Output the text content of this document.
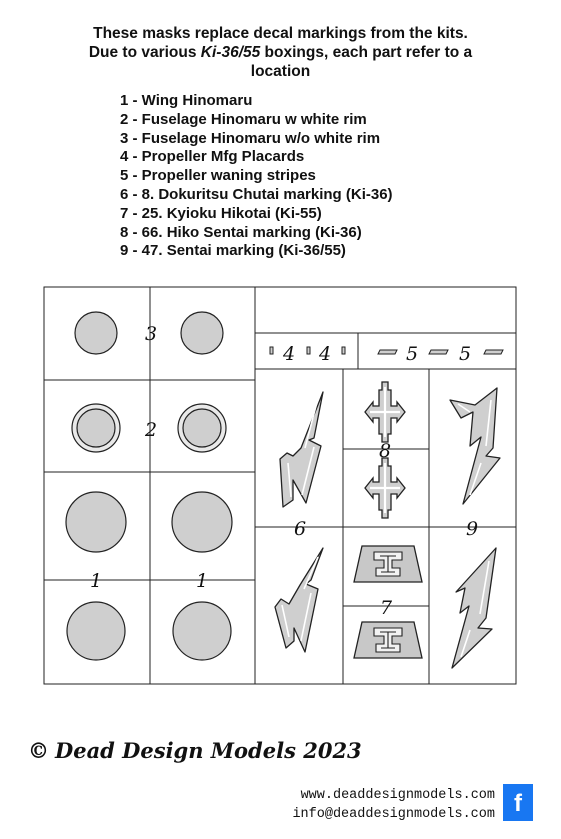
These masks replace decal markings from the kits.
Due to various Ki-36/55 boxings, each part refer to a
location
1 - Wing Hinomaru
2 - Fuselage Hinomaru w white rim
3 - Fuselage Hinomaru w/o white rim
4 - Propeller Mfg Placards
5 - Propeller waning stripes
6 - 8. Dokuritsu Chutai marking (Ki-36)
7 - 25. Kyioku Hikotai (Ki-55)
8 - 66. Hiko Sentai marking (Ki-36)
9 - 47. Sentai marking (Ki-36/55)
3
2
1	1
4 4	5 5
8
6	9
7
© Dead Design Models 2023
www.deaddesignmodels.com
info@deaddesignmodels.com f
